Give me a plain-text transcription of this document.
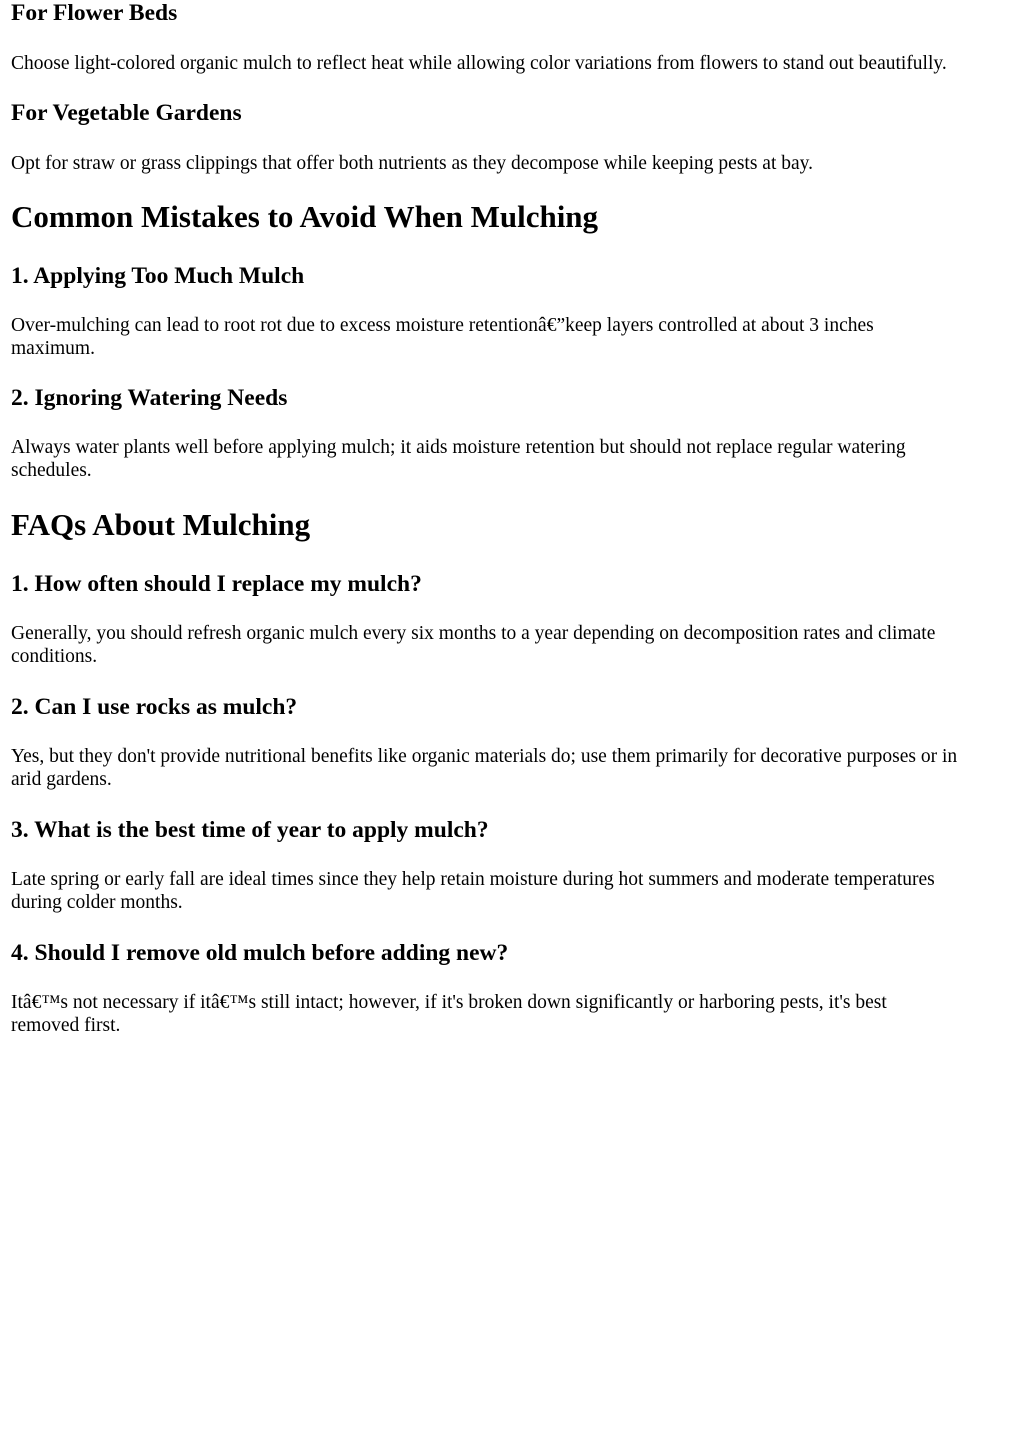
For Flower Beds

Choose light-colored organic mulch to reflect heat while allowing color variations from flowers to stand out beautifully.

For Vegetable Gardens

Opt for straw or grass clippings that offer both nutrients as they decompose while keeping pests at bay.

Common Mistakes to Avoid When Mulching
1. Applying Too Much Mulch

Over-mulching can lead to root rot due to excess moisture retentionâ€”keep layers controlled at about 3 inches

maximum.

2. Ignoring Watering Needs

Always water plants well before applying mulch; it aids moisture retention but should not replace regular watering

schedules.

FAQs About Mulching
1. How often should I replace my mulch?

Generally, you should refresh organic mulch every six months to a year depending on decomposition rates and climate

conditions.

2. Can I use rocks as mulch?

Yes, but they don't provide nutritional benefits like organic materials do; use them primarily for decorative purposes or in

arid gardens.

3. What is the best time of year to apply mulch?

Late spring or early fall are ideal times since they help retain moisture during hot summers and moderate temperatures

during colder months.

4. Should I remove old mulch before adding new?

Itâ€™s not necessary if itâ€™s still intact; however, if it's broken down significantly or harboring pests, it's best

removed first.
